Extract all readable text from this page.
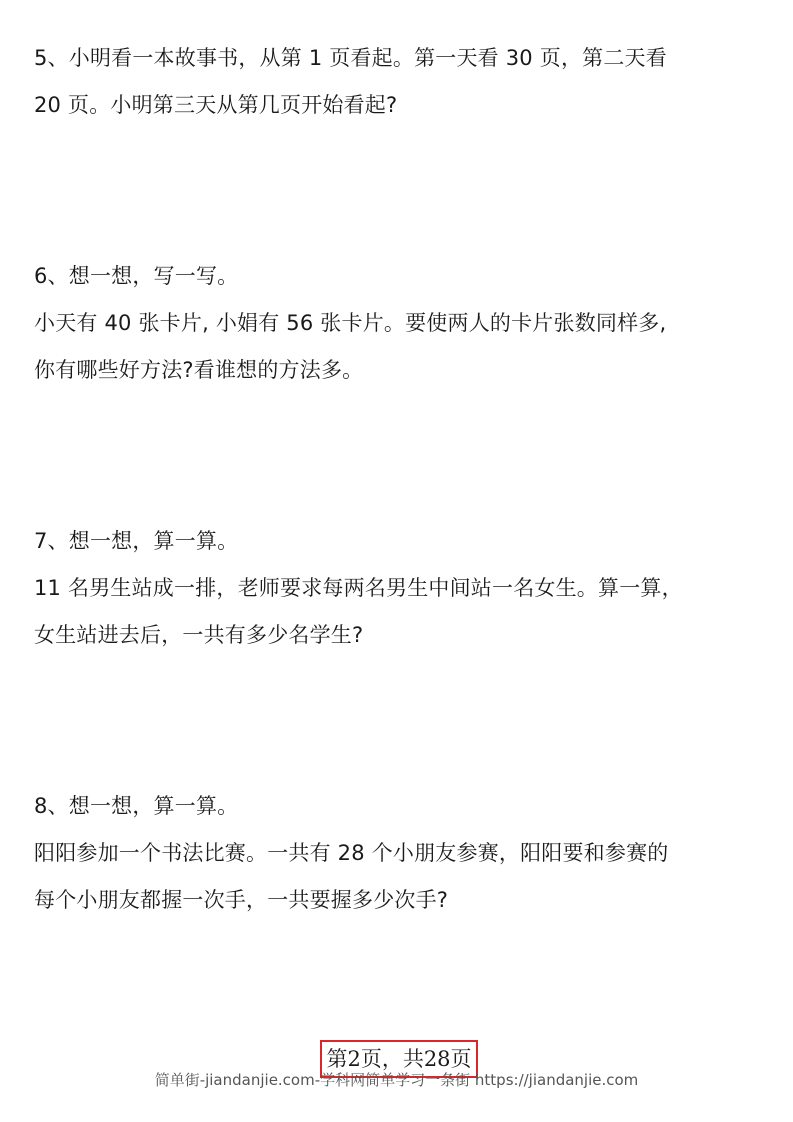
5、小明看一本故事书，从第 1 页看起。第一天看 30 页，第二天看
20 页。小明第三天从第几页开始看起?
6、想一想，写一写。
小天有 40 张卡片, 小娟有 56 张卡片。要使两人的卡片张数同样多,
你有哪些好方法?看谁想的方法多。
7、想一想，算一算。
11 名男生站成一排，老师要求每两名男生中间站一名女生。算一算，
女生站进去后，一共有多少名学生?
8、想一想，算一算。
阳阳参加一个书法比赛。一共有 28 个小朋友参赛，阳阳要和参赛的
每个小朋友都握一次手，一共要握多少次手?
第2页，共28页
简单街-jiandanjie.com-学科网简单学习一条街 https://jiandanjie.com
